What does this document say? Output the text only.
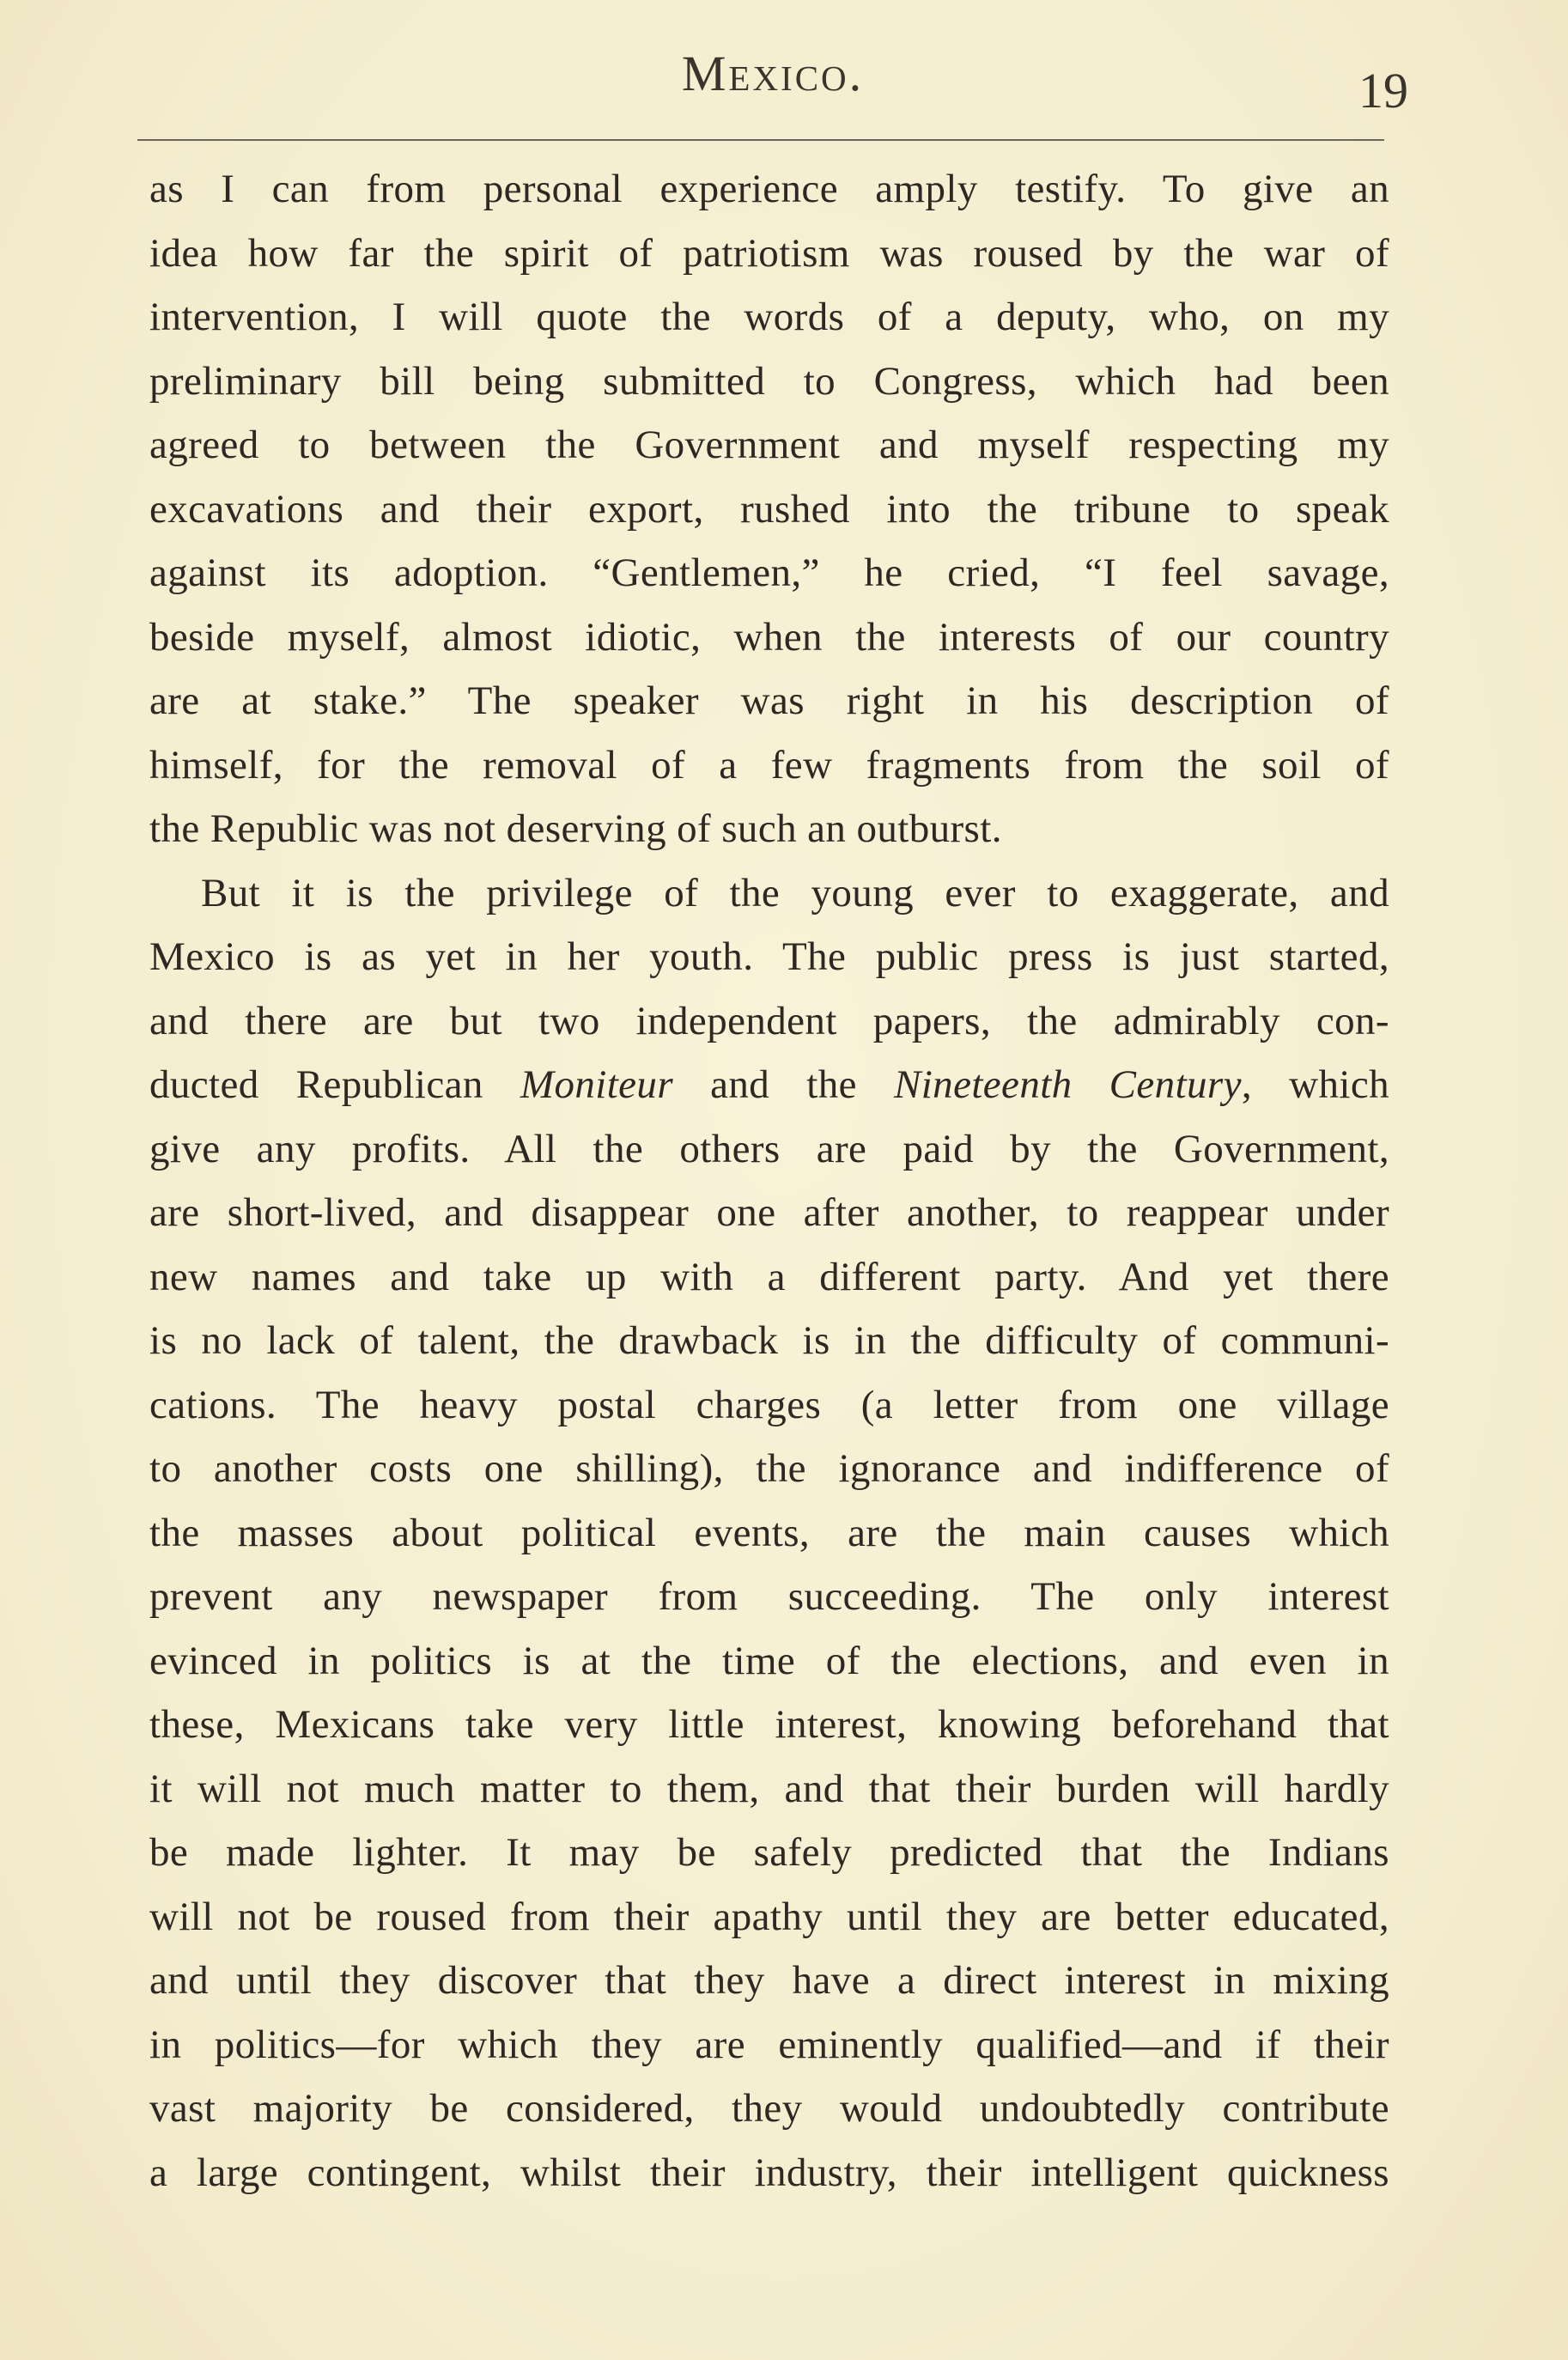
Mexico.	19
as I can from personal experience amply testify. To give an
idea how far the spirit of patriotism was roused by the war of
intervention, I will quote the words of a deputy, who, on my
preliminary bill being submitted to Congress, which had been
agreed to between the Government and myself respecting my
excavations and their export, rushed into the tribune to speak
against its adoption. “Gentlemen,” he cried, “I feel savage,
beside myself, almost idiotic, when the interests of our country
are at stake.” The speaker was right in his description of
himself, for the removal of a few fragments from the soil of
the Republic was not deserving of such an outburst.
But it is the privilege of the young ever to exaggerate, and
Mexico is as yet in her youth. The public press is just started,
and there are but two independent papers, the admirably con-
ducted Republican Moniteur and the Nineteenth Century, which
give any profits. All the others are paid by the Government,
are short-lived, and disappear one after another, to reappear under
new names and take up with a different party. And yet there
is no lack of talent, the drawback is in the difficulty of communi-
cations. The heavy postal charges (a letter from one village
to another costs one shilling), the ignorance and indifference of
the masses about political events, are the main causes which
prevent any newspaper from succeeding. The only interest
evinced in politics is at the time of the elections, and even in
these, Mexicans take very little interest, knowing beforehand that
it will not much matter to them, and that their burden will hardly
be made lighter. It may be safely predicted that the Indians
will not be roused from their apathy until they are better educated,
and until they discover that they have a direct interest in mixing
in politics—for which they are eminently qualified—and if their
vast majority be considered, they would undoubtedly contribute
a large contingent, whilst their industry, their intelligent quickness
